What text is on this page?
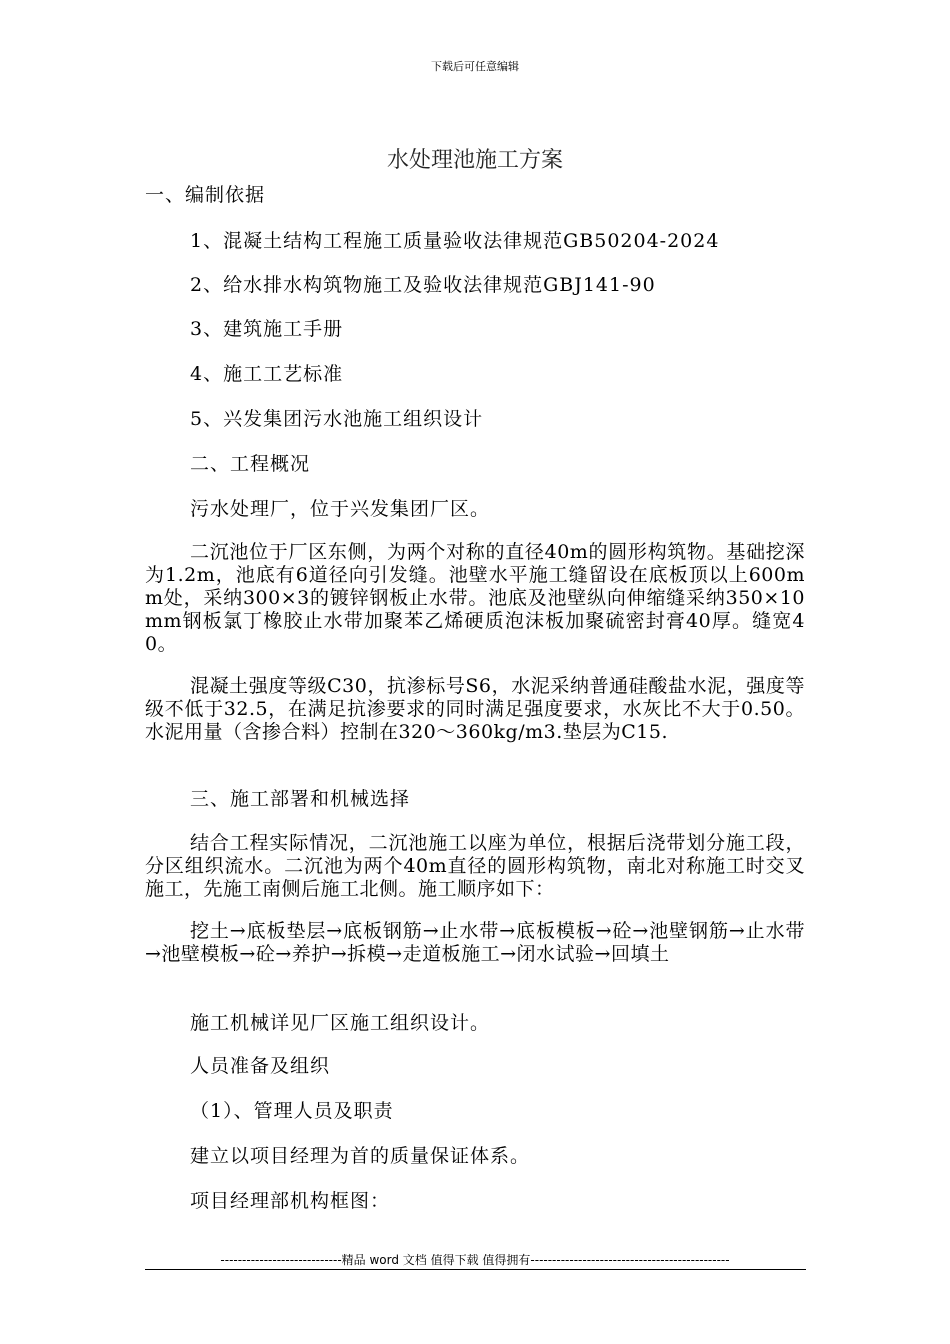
下载后可任意编辑
水处理池施工方案
一、编制依据
1、混凝土结构工程施工质量验收法律规范GB50204-2024
2、给水排水构筑物施工及验收法律规范GBJ141-90
3、建筑施工手册
4、施工工艺标准
5、兴发集团污水池施工组织设计
二、工程概况
污水处理厂，位于兴发集团厂区。
二沉池位于厂区东侧，为两个对称的直径40m的圆形构筑物。基础挖深为1.2m，池底有6道径向引发缝。池壁水平施工缝留设在底板顶以上600mm处，采纳300×3的镀锌钢板止水带。池底及池壁纵向伸缩缝采纳350×10mm钢板氯丁橡胶止水带加聚苯乙烯硬质泡沫板加聚硫密封膏40厚。缝宽40。
混凝土强度等级C30，抗渗标号S6，水泥采纳普通硅酸盐水泥，强度等级不低于32.5，在满足抗渗要求的同时满足强度要求，水灰比不大于0.50。水泥用量（含掺合料）控制在320～360kg/m3.垫层为C15.
三、施工部署和机械选择
结合工程实际情况，二沉池施工以座为单位，根据后浇带划分施工段，分区组织流水。二沉池为两个40m直径的圆形构筑物，南北对称施工时交叉施工，先施工南侧后施工北侧。施工顺序如下：
挖土→底板垫层→底板钢筋→止水带→底板模板→砼→池壁钢筋→止水带→池壁模板→砼→养护→拆模→走道板施工→闭水试验→回填土
施工机械详见厂区施工组织设计。
人员准备及组织
（1）、管理人员及职责
建立以项目经理为首的质量保证体系。
项目经理部机构框图：
----------------------------精品 word 文档 值得下载 值得拥有----------------------------------------------
